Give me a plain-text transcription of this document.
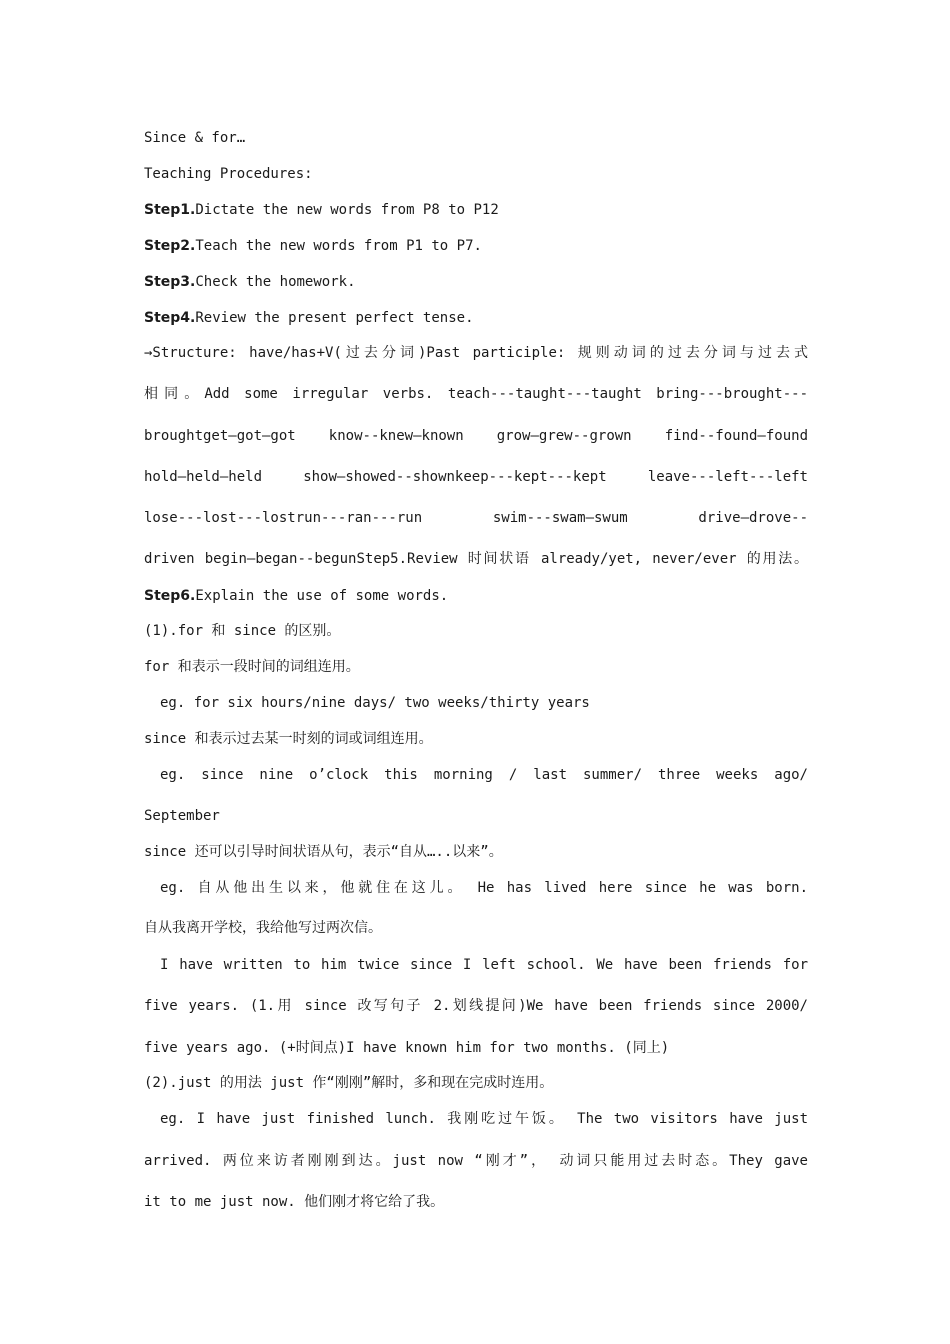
Since & for…
Teaching Procedures:
Step1.Dictate the new words from P8 to P12
Step2.Teach the new words from P1 to P7.
Step3.Check the homework.
Step4.Review the present perfect tense.
→Structure: have/has+V(过去分词)Past participle: 规则动词的过去分词与过去式
相同。Add some irregular verbs. teach---taught---taught bring---brought---
broughtget—got—got know--knew—known grow—grew--grown find--found—found
hold—held—held show—showed--shownkeep---kept---kept leave---left---left
lose---lost---lostrun---ran---run swim---swam—swum drive—drove--
driven begin—began--begunStep5.Review 时间状语 already/yet, never/ever 的用法。
Step6.Explain the use of some words.
(1).for 和 since 的区别。
for 和表示一段时间的词组连用。
eg. for six hours/nine days/ two weeks/thirty years
since 和表示过去某一时刻的词或词组连用。
eg. since nine o’clock this morning / last summer/ three weeks ago/
September
since 还可以引导时间状语从句，表示“自从…..以来”。
eg. 自从他出生以来，他就住在这儿。 He has lived here since he was born.
自从我离开学校，我给他写过两次信。
I have written to him twice since I left school. We have been friends for
five years. (1.用 since 改写句子 2.划线提问)We have been friends since 2000/
five years ago. (+时间点)I have known him for two months. (同上)
(2).just 的用法 just 作“刚刚”解时，多和现在完成时连用。
eg. I have just finished lunch. 我刚吃过午饭。 The two visitors have just
arrived. 两位来访者刚刚到达。just now “刚才”， 动词只能用过去时态。They gave
it to me just now. 他们刚才将它给了我。
